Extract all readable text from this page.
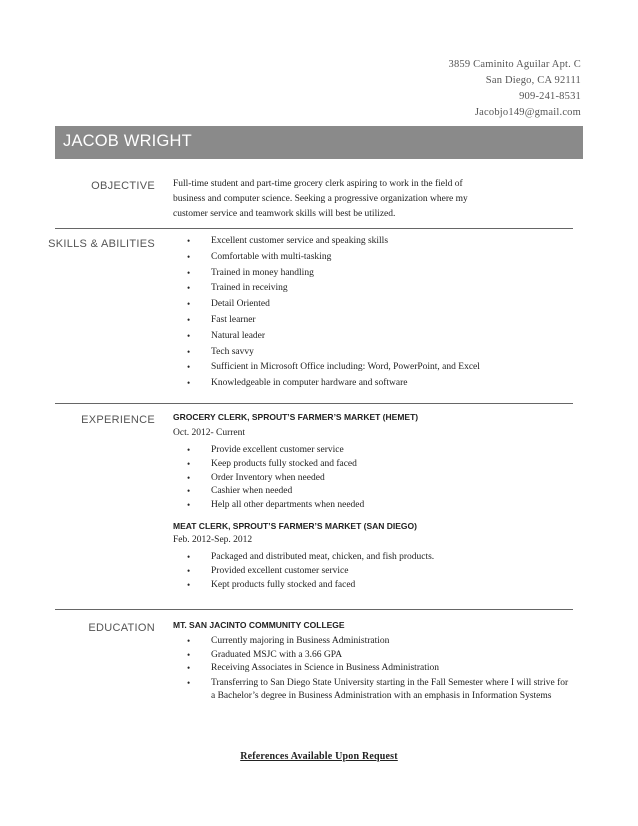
3859 Caminito Aguilar Apt. C
San Diego, CA 92111
909-241-8531
Jacobjo149@gmail.com
JACOB WRIGHT
OBJECTIVE Full-time student and part-time grocery clerk aspiring to work in the field of
business and computer science. Seeking a progressive organization where my
customer service and teamwork skills will best be utilized.
SKILLS & ABILITIES
•	Excellent customer service and speaking skills
• Comfortable with multi-tasking
• Trained in money handling
• Trained in receiving
• Detail Oriented
• Fast learner
• Natural leader
• Tech savvy
• Sufficient in Microsoft Office including: Word, PowerPoint, and Excel
• Knowledgeable in computer hardware and software
EXPERIENCE GROCERY CLERK, SPROUT’S FARMER’S MARKET (HEMET)
Oct. 2012- Current
• Provide excellent customer service
• Keep products fully stocked and faced
• Order Inventory when needed
• Cashier when needed
• Help all other departments when needed
MEAT CLERK, SPROUT’S FARMER’S MARKET (SAN DIEGO)
Feb. 2012-Sep. 2012
• Packaged and distributed meat, chicken, and fish products.
• Provided excellent customer service
• Kept products fully stocked and faced
EDUCATION MT. SAN JACINTO COMMUNITY COLLEGE
• Currently majoring in Business Administration
• Graduated MSJC with a 3.66 GPA
• Receiving Associates in Science in Business Administration
• Transferring to San Diego State University starting in the Fall Semester where I will strive for a Bachelor’s degree in Business Administration with an emphasis in Information Systems
References Available Upon Request
